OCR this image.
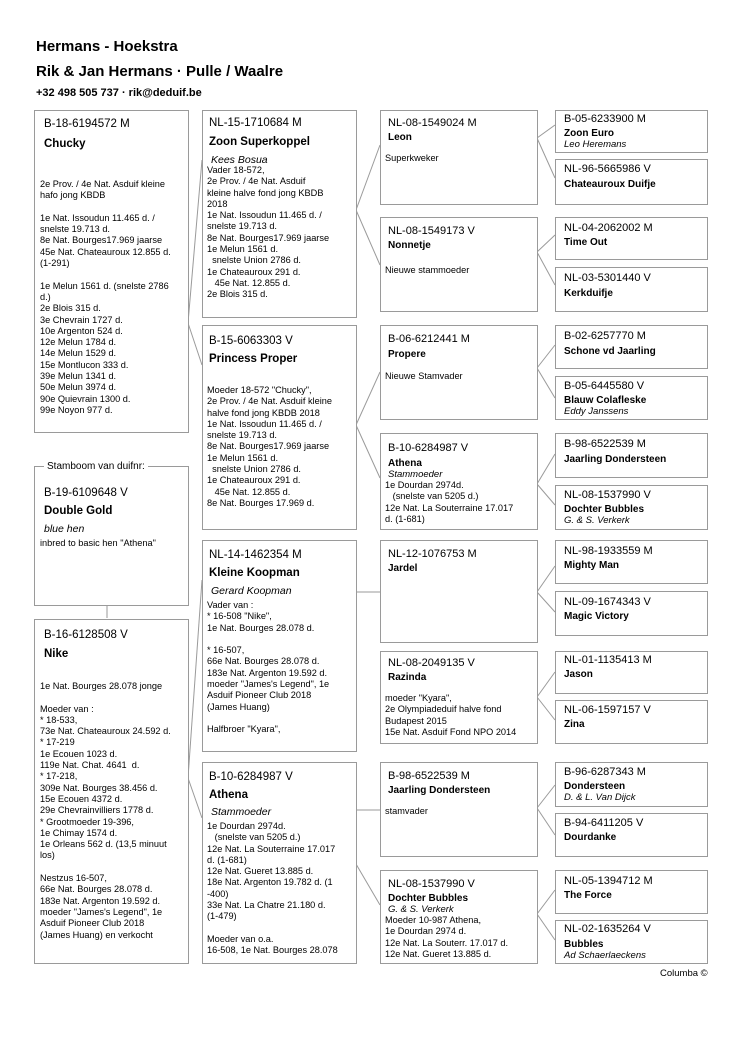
Hermans - Hoekstra
Rik & Jan Hermans · Pulle / Waalre
+32 498 505 737 · rik@deduif.be
B-18-6194572 M
Chucky
2e Prov. / 4e Nat. Asduif kleine
hafo jong KBDB

1e Nat. Issoudun 11.465 d. /
snelste 19.713 d.
8e Nat. Bourges17.969 jaarse
45e Nat. Chateauroux 12.855 d.
(1-291)

1e Melun 1561 d. (snelste 2786
d.)
2e Blois 315 d.
3e Chevrain 1727 d.
10e Argenton 524 d.
12e Melun 1784 d.
14e Melun 1529 d.
15e Montlucon 333 d.
39e Melun 1341 d.
50e Melun 3974 d.
90e Quievrain 1300 d.
99e Noyon 977 d.
B-19-6109648 V
Double Gold
blue hen
inbred to basic hen "Athena"
Stamboom van duifnr:
B-16-6128508 V
Nike
1e Nat. Bourges 28.078 jonge

Moeder van :
* 18-533,
73e Nat. Chateauroux 24.592 d.
* 17-219
1e Ecouen 1023 d.
119e Nat. Chat. 4641  d.
* 17-218,
309e Nat. Bourges 38.456 d.
15e Ecouen 4372 d.
29e Chevrainvilliers 1778 d.
* Grootmoeder 19-396,
1e Chimay 1574 d.
1e Orleans 562 d. (13,5 minuut
los)

Nestzus 16-507,
66e Nat. Bourges 28.078 d.
183e Nat. Argenton 19.592 d.
moeder "James's Legend", 1e
Asduif Pioneer Club 2018
(James Huang) en verkocht
NL-15-1710684 M
Zoon Superkoppel
Kees Bosua
Vader 18-572,
2e Prov. / 4e Nat. Asduif
kleine halve fond jong KBDB
2018
1e Nat. Issoudun 11.465 d. /
snelste 19.713 d.
8e Nat. Bourges17.969 jaarse
1e Melun 1561 d.
snelste Union 2786 d.
1e Chateauroux 291 d.
45e Nat. 12.855 d.
2e Blois 315 d.
B-15-6063303 V
Princess Proper
Moeder 18-572 "Chucky",
2e Prov. / 4e Nat. Asduif kleine
halve fond jong KBDB 2018
1e Nat. Issoudun 11.465 d. /
snelste 19.713 d.
8e Nat. Bourges17.969 jaarse
1e Melun 1561 d.
snelste Union 2786 d.
1e Chateauroux 291 d.
45e Nat. 12.855 d.
8e Nat. Bourges 17.969 d.
NL-14-1462354 M
Kleine Koopman
Gerard Koopman
Vader van :
* 16-508 "Nike",
1e Nat. Bourges 28.078 d.

* 16-507,
66e Nat. Bourges 28.078 d.
183e Nat. Argenton 19.592 d.
moeder "James's Legend", 1e
Asduif Pioneer Club 2018
(James Huang)

Halfbroer "Kyara",
B-10-6284987 V
Athena
Stammoeder
1e Dourdan 2974d.
(snelste van 5205 d.)
12e Nat. La Souterraine 17.017
d. (1-681)
12e Nat. Gueret 13.885 d.
18e Nat. Argenton 19.782 d. (1
-400)
33e Nat. La Chatre 21.180 d.
(1-479)

Moeder van o.a.
16-508, 1e Nat. Bourges 28.078
NL-08-1549024 M
Leon
Superkweker
NL-08-1549173 V
Nonnetje
Nieuwe stammoeder
B-06-6212441 M
Propere
Nieuwe Stamvader
B-10-6284987 V
Athena
Stammoeder
1e Dourdan 2974d.
(snelste van 5205 d.)
12e Nat. La Souterraine 17.017
d. (1-681)
NL-12-1076753 M
Jardel
NL-08-2049135 V
Razinda
moeder "Kyara",
2e Olympiadeduif halve fond
Budapest 2015
15e Nat. Asduif Fond NPO 2014
B-98-6522539 M
Jaarling Dondersteen
stamvader
NL-08-1537990 V
Dochter Bubbles
G. & S. Verkerk
Moeder 10-987 Athena,
1e Dourdan 2974 d.
12e Nat. La Souterr. 17.017 d.
12e Nat. Gueret 13.885 d.
B-05-6233900 M
Zoon Euro
Leo Heremans
NL-96-5665986 V
Chateauroux Duifje
NL-04-2062002 M
Time Out
NL-03-5301440 V
Kerkduifje
B-02-6257770 M
Schone vd Jaarling
B-05-6445580 V
Blauw Colafleske
Eddy Janssens
B-98-6522539 M
Jaarling Dondersteen
NL-08-1537990 V
Dochter Bubbles
G. & S. Verkerk
NL-98-1933559 M
Mighty Man
NL-09-1674343 V
Magic Victory
NL-01-1135413 M
Jason
NL-06-1597157 V
Zina
B-96-6287343 M
Dondersteen
D. & L. Van Dijck
B-94-6411205 V
Dourdanke
NL-05-1394712 M
The Force
NL-02-1635264 V
Bubbles
Ad Schaerlaeckens
Columba ©
